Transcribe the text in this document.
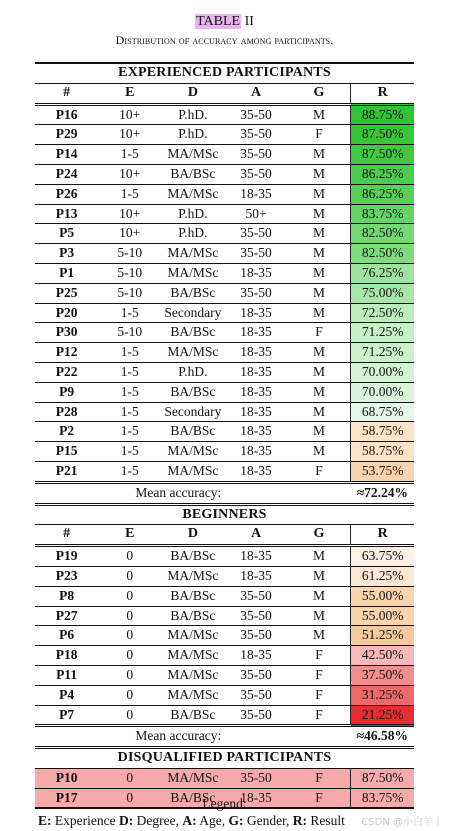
TABLE II
Distribution of accuracy among participants.
EXPERIENCED PARTICIPANTS					
#	E	D	A	G	R
P16	10+	P.hD.	35-50	M	88.75%
P29	10+	P.hD.	35-50	F	87.50%
P14	1-5	MA/MSc	35-50	M	87.50%
P24	10+	BA/BSc	35-50	M	86.25%
P26	1-5	MA/MSc	18-35	M	86.25%
P13	10+	P.hD.	50+	M	83.75%
P5	10+	P.hD.	35-50	M	82.50%
P3	5-10	MA/MSc	35-50	M	82.50%
P1	5-10	MA/MSc	18-35	M	76.25%
P25	5-10	BA/BSc	35-50	M	75.00%
P20	1-5	Secondary	18-35	M	72.50%
P30	5-10	BA/BSc	18-35	F	71.25%
P12	1-5	MA/MSc	18-35	M	71.25%
P22	1-5	P.hD.	18-35	M	70.00%
P9	1-5	BA/BSc	18-35	M	70.00%
P28	1-5	Secondary	18-35	M	68.75%
P2	1-5	BA/BSc	18-35	M	58.75%
P15	1-5	MA/MSc	18-35	M	58.75%
P21	1-5	MA/MSc	18-35	F	53.75%
Mean accuracy:					≈72.24%
BEGINNERS					
#	E	D	A	G	R
P19	0	BA/BSc	18-35	M	63.75%
P23	0	MA/MSc	18-35	M	61.25%
P8	0	BA/BSc	35-50	M	55.00%
P27	0	BA/BSc	35-50	M	55.00%
P6	0	MA/MSc	35-50	M	51.25%
P18	0	MA/MSc	18-35	F	42.50%
P11	0	MA/MSc	35-50	F	37.50%
P4	0	MA/MSc	35-50	F	31.25%
P7	0	BA/BSc	35-50	F	21.25%
Mean accuracy:					≈46.58%
DISQUALIFIED PARTICIPANTS					
P10	0	MA/MSc	35-50	F	87.50%
P17	0	BA/BSc	18-35	F	83.75%
Legend:
E: Experience D: Degree, A: Age, G: Gender, R: Result CSDN @小白羊丨
